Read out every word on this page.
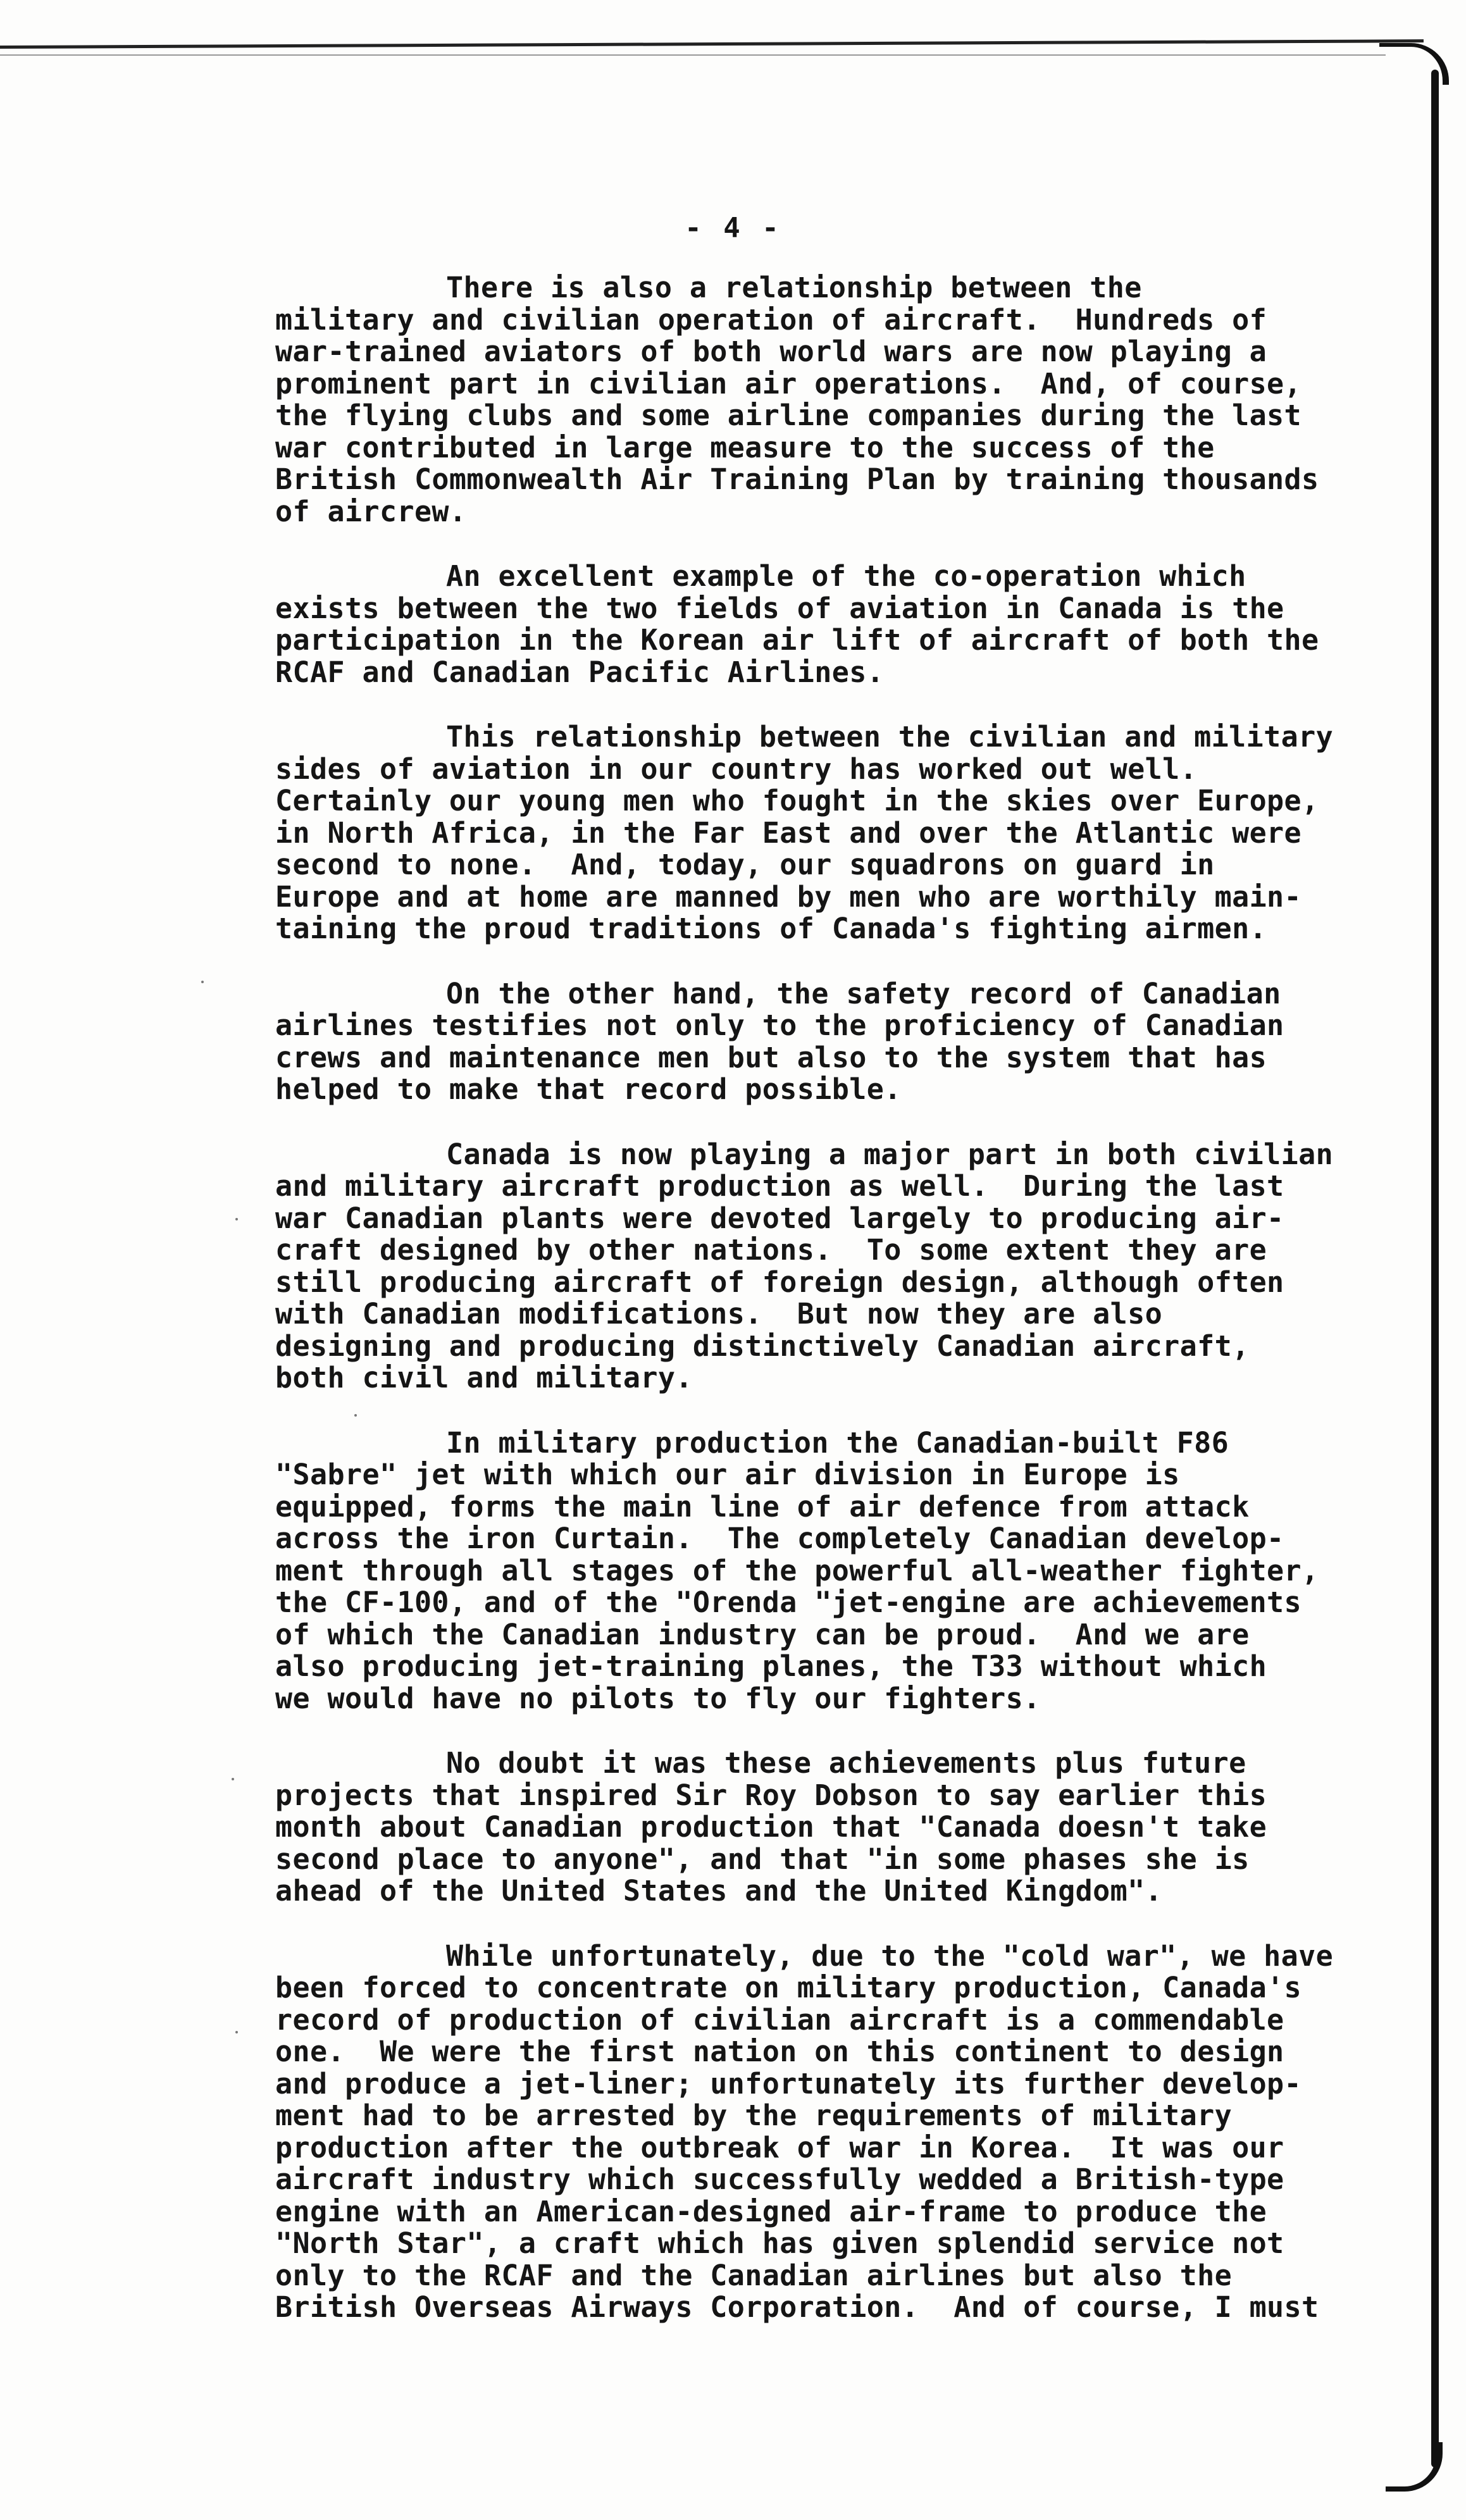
- 4 -
There is also a relationship between the
military and civilian operation of aircraft.  Hundreds of
war-trained aviators of both world wars are now playing a
prominent part in civilian air operations.  And, of course,
the flying clubs and some airline companies during the last
war contributed in large measure to the success of the
British Commonwealth Air Training Plan by training thousands
of aircrew.
An excellent example of the co-operation which
exists between the two fields of aviation in Canada is the
participation in the Korean air lift of aircraft of both the
RCAF and Canadian Pacific Airlines.
This relationship between the civilian and military
sides of aviation in our country has worked out well.
Certainly our young men who fought in the skies over Europe,
in North Africa, in the Far East and over the Atlantic were
second to none.  And, today, our squadrons on guard in
Europe and at home are manned by men who are worthily main-
taining the proud traditions of Canada's fighting airmen.
On the other hand, the safety record of Canadian
airlines testifies not only to the proficiency of Canadian
crews and maintenance men but also to the system that has
helped to make that record possible.
Canada is now playing a major part in both civilian
and military aircraft production as well.  During the last
war Canadian plants were devoted largely to producing air-
craft designed by other nations.  To some extent they are
still producing aircraft of foreign design, although often
with Canadian modifications.  But now they are also
designing and producing distinctively Canadian aircraft,
both civil and military.
In military production the Canadian-built F86
"Sabre" jet with which our air division in Europe is
equipped, forms the main line of air defence from attack
across the iron Curtain.  The completely Canadian develop-
ment through all stages of the powerful all-weather fighter,
the CF-100, and of the "Orenda "jet-engine are achievements
of which the Canadian industry can be proud.  And we are
also producing jet-training planes, the T33 without which
we would have no pilots to fly our fighters.
No doubt it was these achievements plus future
projects that inspired Sir Roy Dobson to say earlier this
month about Canadian production that "Canada doesn't take
second place to anyone", and that "in some phases she is
ahead of the United States and the United Kingdom".
While unfortunately, due to the "cold war", we have
been forced to concentrate on military production, Canada's
record of production of civilian aircraft is a commendable
one.  We were the first nation on this continent to design
and produce a jet-liner; unfortunately its further develop-
ment had to be arrested by the requirements of military
production after the outbreak of war in Korea.  It was our
aircraft industry which successfully wedded a British-type
engine with an American-designed air-frame to produce the
"North Star", a craft which has given splendid service not
only to the RCAF and the Canadian airlines but also the
British Overseas Airways Corporation.  And of course, I must
